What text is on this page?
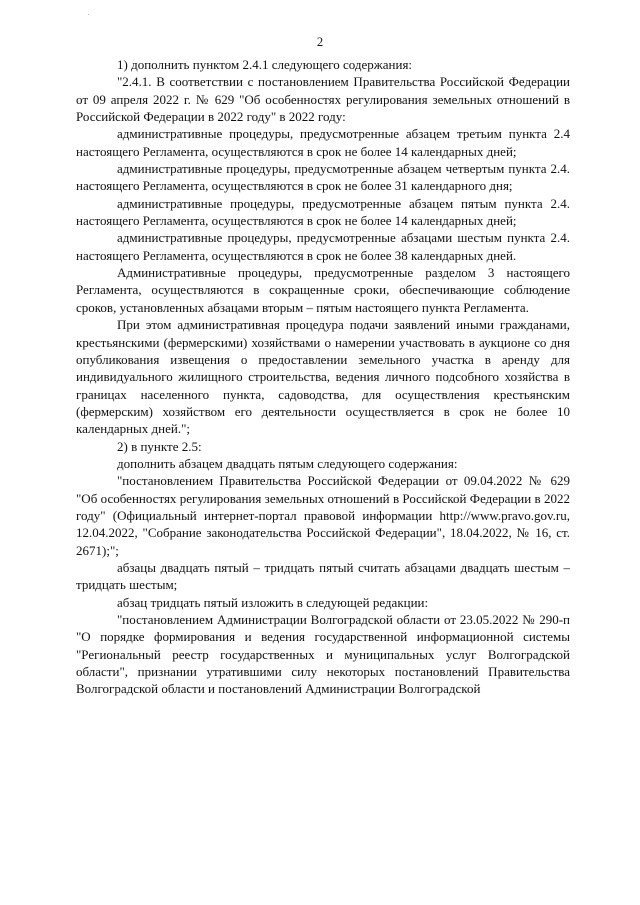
2

1) дополнить пунктом 2.4.1 следующего содержания:

"2.4.1. В соответствии с постановлением Правительства Российской Федерации от 09 апреля 2022 г. № 629 "Об особенностях регулирования земельных отношений в Российской Федерации в 2022 году" в 2022 году:

административные процедуры, предусмотренные абзацем третьим пункта 2.4 настоящего Регламента, осуществляются в срок не более 14 календарных дней;

административные процедуры, предусмотренные абзацем четвертым пункта 2.4. настоящего Регламента, осуществляются в срок не более 31 календарного дня;

административные процедуры, предусмотренные абзацем пятым пункта 2.4. настоящего Регламента, осуществляются в срок не более 14 календарных дней;

административные процедуры, предусмотренные абзацами шестым пункта 2.4. настоящего Регламента, осуществляются в срок не более 38 календарных дней.

Административные процедуры, предусмотренные разделом 3 настоящего Регламента, осуществляются в сокращенные сроки, обеспечивающие соблюдение сроков, установленных абзацами вторым – пятым настоящего пункта Регламента.

При этом административная процедура подачи заявлений иными гражданами, крестьянскими (фермерскими) хозяйствами о намерении участвовать в аукционе со дня опубликования извещения о предоставлении земельного участка в аренду для индивидуального жилищного строительства, ведения личного подсобного хозяйства в границах населенного пункта, садоводства, для осуществления крестьянским (фермерским) хозяйством его деятельности осуществляется в срок не более 10 календарных дней.";

2) в пункте 2.5:

дополнить абзацем двадцать пятым следующего содержания:

"постановлением Правительства Российской Федерации от 09.04.2022 № 629 "Об особенностях регулирования земельных отношений в Российской Федерации в 2022 году" (Официальный интернет-портал правовой информации http://www.pravo.gov.ru, 12.04.2022, "Собрание законодательства Российской Федерации", 18.04.2022, № 16, ст. 2671);";

абзацы двадцать пятый – тридцать пятый считать абзацами двадцать шестым – тридцать шестым;

абзац тридцать пятый изложить в следующей редакции:

"постановлением Администрации Волгоградской области от 23.05.2022 № 290-п "О порядке формирования и ведения государственной информационной системы "Региональный реестр государственных и муниципальных услуг Волгоградской области", признании утратившими силу некоторых постановлений Правительства Волгоградской области и постановлений Администрации Волгоградской
